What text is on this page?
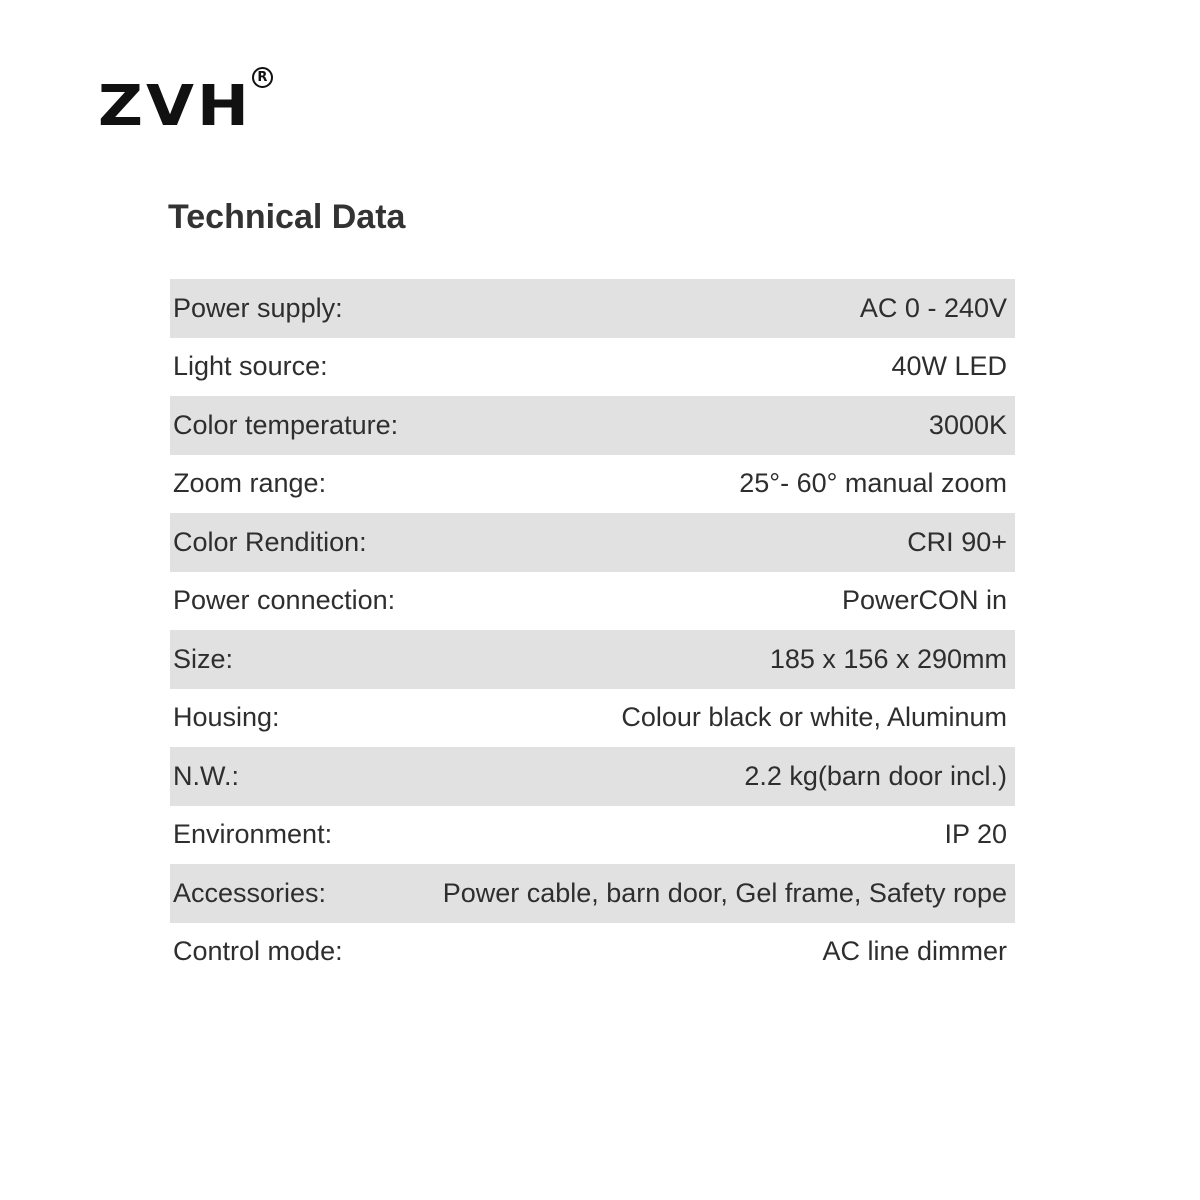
ZVH R
Technical Data
Power supply:	AC 0 - 240V
Light source:	40W LED
Color temperature:	3000K
Zoom range:	25°- 60° manual zoom
Color Rendition:	CRI 90+
Power connection:	PowerCON in
Size:	185 x 156 x 290mm
Housing:	Colour black or white, Aluminum
N.W.:	2.2 kg(barn door incl.)
Environment:	IP 20
Accessories:	Power cable, barn door, Gel frame, Safety rope
Control mode:	AC line dimmer
